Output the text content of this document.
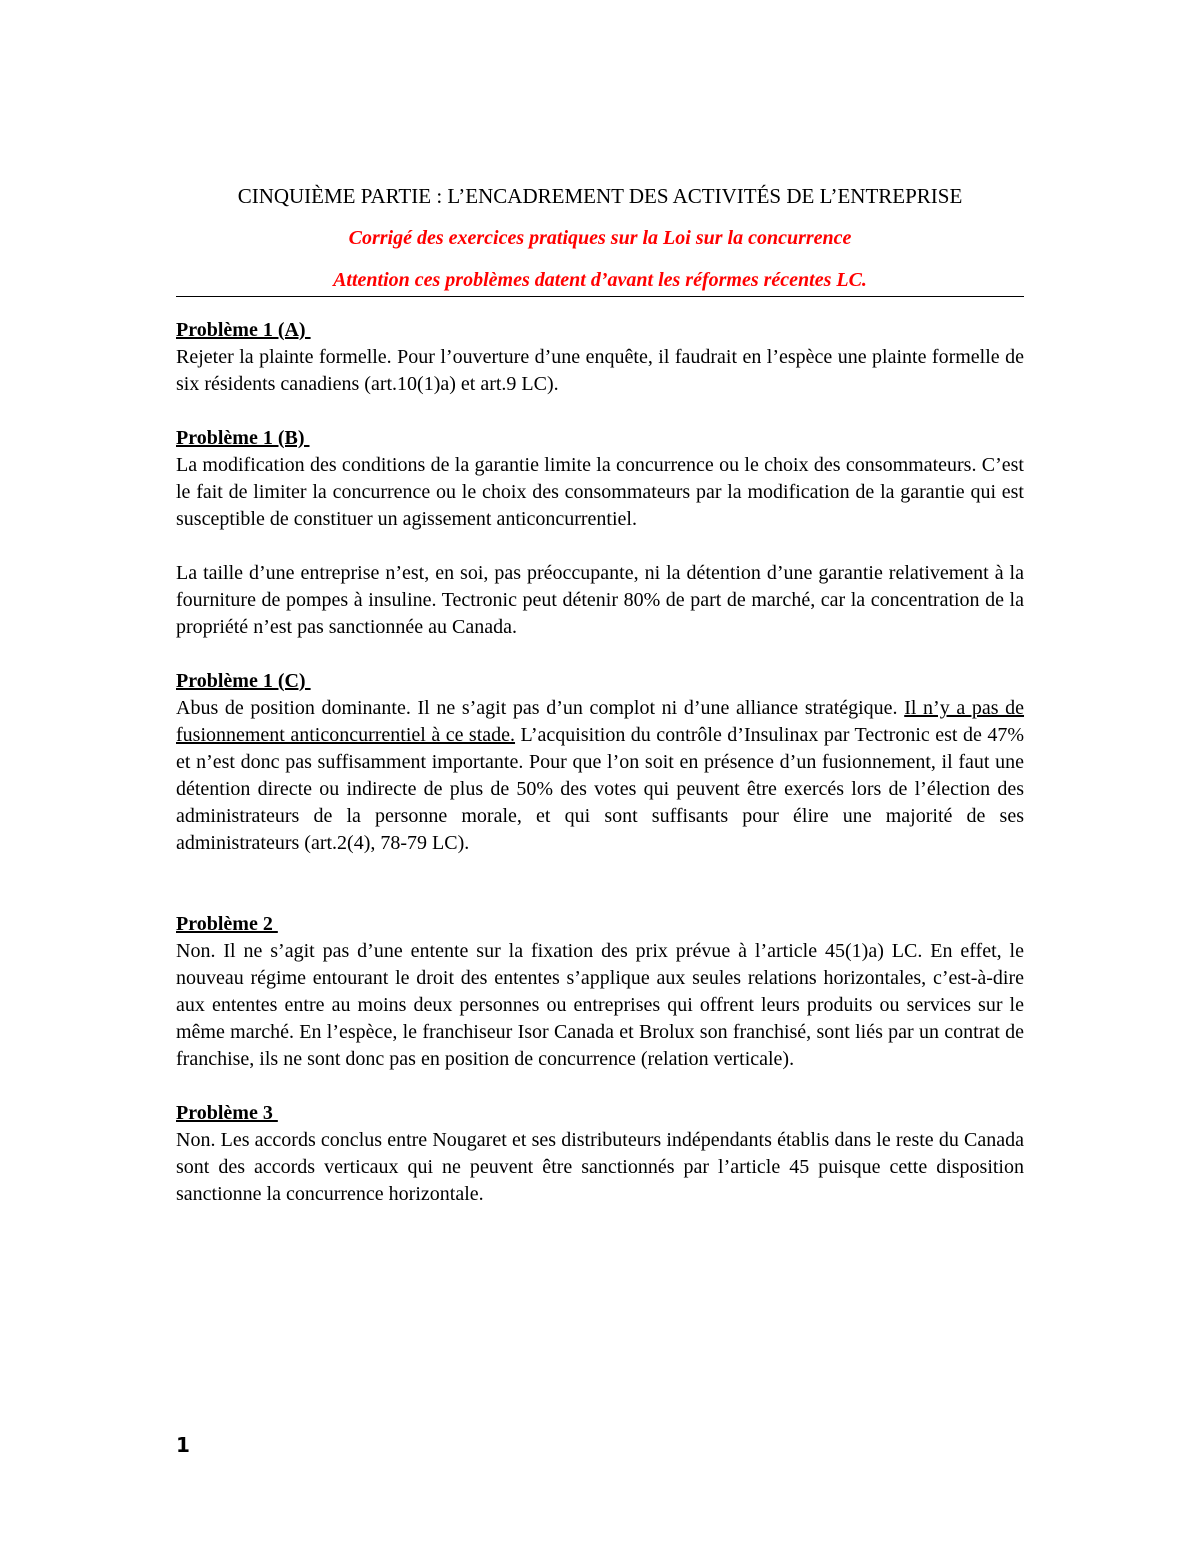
CINQUIÈME PARTIE : L’ENCADREMENT DES ACTIVITÉS DE L’ENTREPRISE

Corrigé des exercices pratiques sur la Loi sur la concurrence

Attention ces problèmes datent d’avant les réformes récentes LC.

Problème 1 (A)

Rejeter la plainte formelle. Pour l’ouverture d’une enquête, il faudrait en l’espèce une plainte formelle de six résidents canadiens (art.10(1)a) et art.9 LC).

Problème 1 (B)

La modification des conditions de la garantie limite la concurrence ou le choix des consommateurs. C’est le fait de limiter la concurrence ou le choix des consommateurs par la modification de la garantie qui est susceptible de constituer un agissement anticoncurrentiel.

La taille d’une entreprise n’est, en soi, pas préoccupante, ni la détention d’une garantie relativement à la fourniture de pompes à insuline. Tectronic peut détenir 80% de part de marché, car la concentration de la propriété n’est pas sanctionnée au Canada.

Problème 1 (C)

Abus de position dominante. Il ne s’agit pas d’un complot ni d’une alliance stratégique. Il n’y a pas de fusionnement anticoncurrentiel à ce stade. L’acquisition du contrôle d’Insulinax par Tectronic est de 47% et n’est donc pas suffisamment importante. Pour que l’on soit en présence d’un fusionnement, il faut une détention directe ou indirecte de plus de 50% des votes qui peuvent être exercés lors de l’élection des administrateurs de la personne morale, et qui sont suffisants pour élire une majorité de ses administrateurs (art.2(4), 78-79 LC).

Problème 2

Non. Il ne s’agit pas d’une entente sur la fixation des prix prévue à l’article 45(1)a) LC. En effet, le nouveau régime entourant le droit des ententes s’applique aux seules relations horizontales, c’est-à-dire aux ententes entre au moins deux personnes ou entreprises qui offrent leurs produits ou services sur le même marché. En l’espèce, le franchiseur Isor Canada et Brolux son franchisé, sont liés par un contrat de franchise, ils ne sont donc pas en position de concurrence (relation verticale).

Problème 3

Non. Les accords conclus entre Nougaret et ses distributeurs indépendants établis dans le reste du Canada sont des accords verticaux qui ne peuvent être sanctionnés par l’article 45 puisque cette disposition sanctionne la concurrence horizontale.

1
